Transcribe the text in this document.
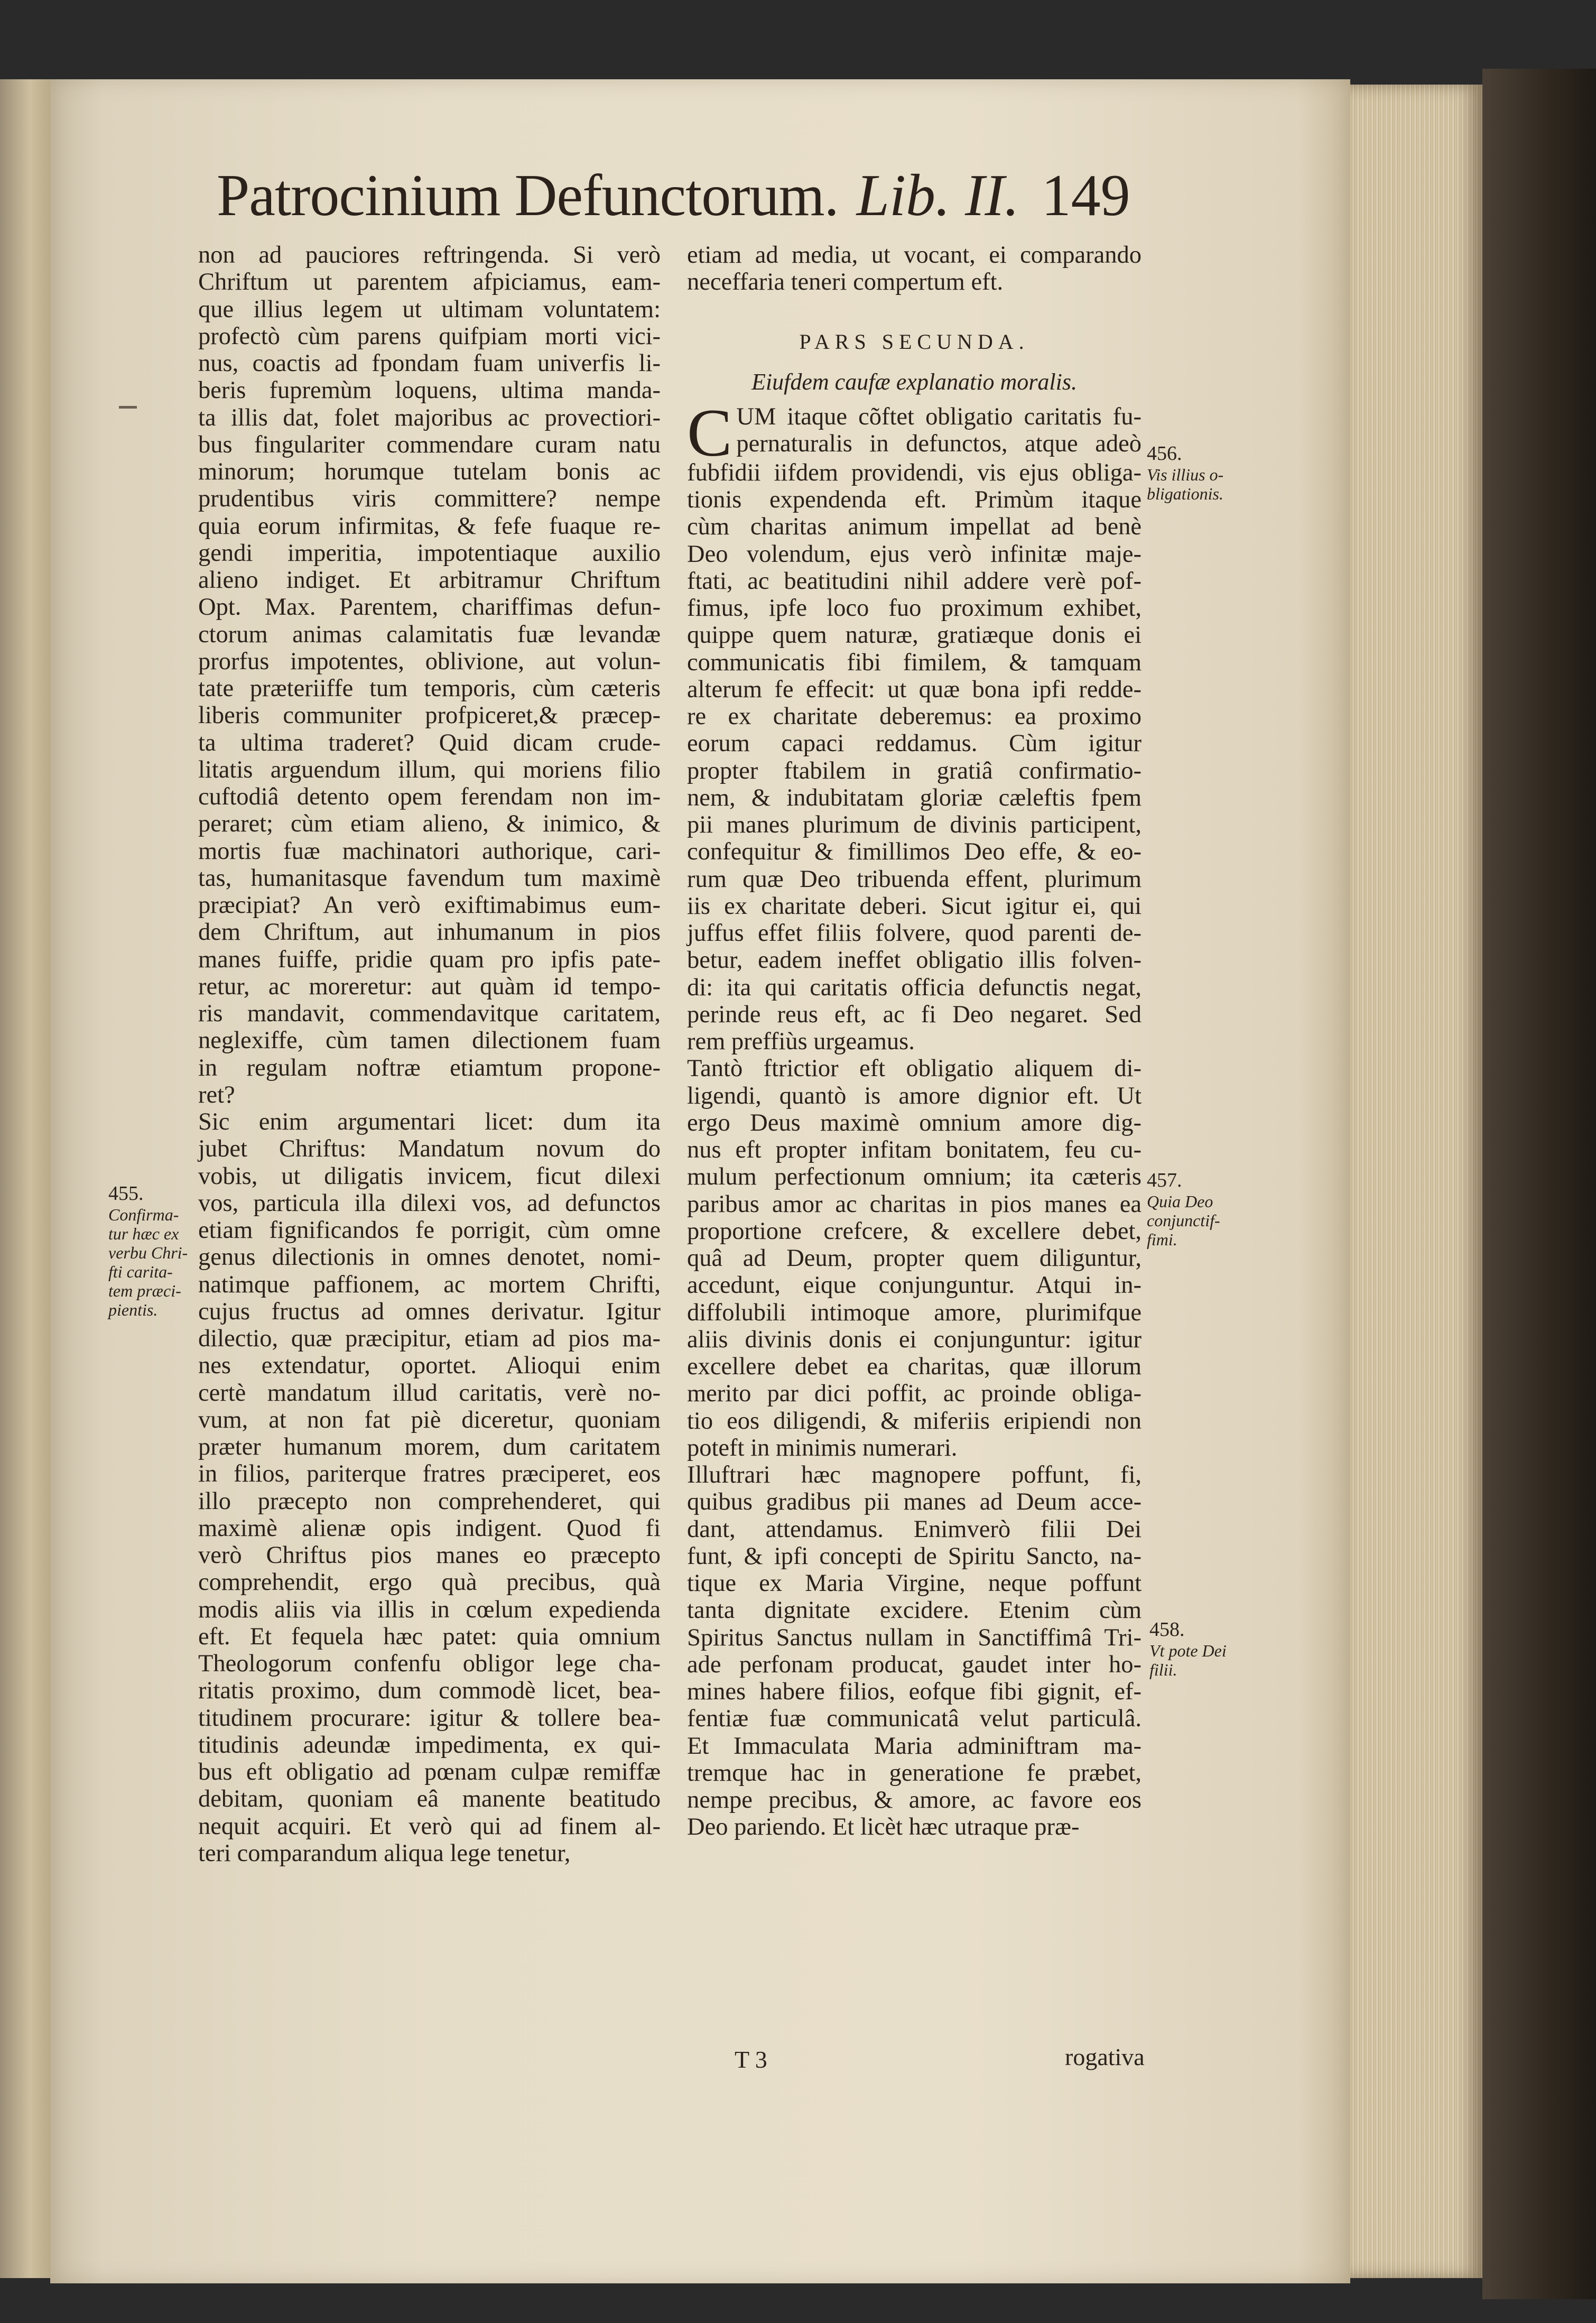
Patrocinium Defunctorum. Lib. II. 149
non ad pauciores reftringenda. Si verò
Chriftum ut parentem afpiciamus, eam-
que illius legem ut ultimam voluntatem:
profectò cùm parens quifpiam morti vici-
nus, coactis ad fpondam fuam univerfis li-
beris fupremùm loquens, ultima manda-
ta illis dat, folet majoribus ac provectiori-
bus fingulariter commendare curam natu
minorum; horumque tutelam bonis ac
prudentibus viris committere? nempe
quia eorum infirmitas, & fefe fuaque re-
gendi imperitia, impotentiaque auxilio
alieno indiget. Et arbitramur Chriftum
Opt. Max. Parentem, chariffimas defun-
ctorum animas calamitatis fuæ levandæ
prorfus impotentes, oblivione, aut volun-
tate præteriiffe tum temporis, cùm cæteris
liberis communiter profpiceret,& præcep-
ta ultima traderet? Quid dicam crude-
litatis arguendum illum, qui moriens filio
cuftodiâ detento opem ferendam non im-
peraret; cùm etiam alieno, & inimico, &
mortis fuæ machinatori authorique, cari-
tas, humanitasque favendum tum maximè
præcipiat? An verò exiftimabimus eum-
dem Chriftum, aut inhumanum in pios
manes fuiffe, pridie quam pro ipfis pate-
retur, ac moreretur: aut quàm id tempo-
ris mandavit, commendavitque caritatem,
neglexiffe, cùm tamen dilectionem fuam
in regulam noftræ etiamtum propone-
ret?
Sic enim argumentari licet: dum ita
jubet Chriftus: Mandatum novum do
vobis, ut diligatis invicem, ficut dilexi
vos, particula illa dilexi vos, ad defunctos
etiam fignificandos fe porrigit, cùm omne
genus dilectionis in omnes denotet, nomi-
natimque paffionem, ac mortem Chrifti,
cujus fructus ad omnes derivatur. Igitur
dilectio, quæ præcipitur, etiam ad pios ma-
nes extendatur, oportet. Alioqui enim
certè mandatum illud caritatis, verè no-
vum, at non fat piè diceretur, quoniam
præter humanum morem, dum caritatem
in filios, pariterque fratres præciperet, eos
illo præcepto non comprehenderet, qui
maximè alienæ opis indigent. Quod fi
verò Chriftus pios manes eo præcepto
comprehendit, ergo quà precibus, quà
modis aliis via illis in cœlum expedienda
eft. Et fequela hæc patet: quia omnium
Theologorum confenfu obligor lege cha-
ritatis proximo, dum commodè licet, bea-
titudinem procurare: igitur & tollere bea-
titudinis adeundæ impedimenta, ex qui-
bus eft obligatio ad pœnam culpæ remiffæ
debitam, quoniam eâ manente beatitudo
nequit acquiri. Et verò qui ad finem al-
teri comparandum aliqua lege tenetur,
etiam ad media, ut vocant, ei comparando
neceffaria teneri compertum eft.
PARS SECUNDA.
Eiufdem caufæ explanatio moralis.
C UM itaque cõftet obligatio caritatis fu-
pernaturalis in defunctos, atque adeò
fubfidii iifdem providendi, vis ejus obliga-
tionis expendenda eft. Primùm itaque
cùm charitas animum impellat ad benè
Deo volendum, ejus verò infinitæ maje-
ftati, ac beatitudini nihil addere verè pof-
fimus, ipfe loco fuo proximum exhibet,
quippe quem naturæ, gratiæque donis ei
communicatis fibi fimilem, & tamquam
alterum fe effecit: ut quæ bona ipfi redde-
re ex charitate deberemus: ea proximo
eorum capaci reddamus. Cùm igitur
propter ftabilem in gratiâ confirmatio-
nem, & indubitatam gloriæ cæleftis fpem
pii manes plurimum de divinis participent,
confequitur & fimillimos Deo effe, & eo-
rum quæ Deo tribuenda effent, plurimum
iis ex charitate deberi. Sicut igitur ei, qui
juffus effet filiis folvere, quod parenti de-
betur, eadem ineffet obligatio illis folven-
di: ita qui caritatis officia defunctis negat,
perinde reus eft, ac fi Deo negaret. Sed
rem preffiùs urgeamus.
Tantò ftrictior eft obligatio aliquem di-
ligendi, quantò is amore dignior eft. Ut
ergo Deus maximè omnium amore dig-
nus eft propter infitam bonitatem, feu cu-
mulum perfectionum omnium; ita cæteris
paribus amor ac charitas in pios manes ea
proportione crefcere, & excellere debet,
quâ ad Deum, propter quem diliguntur,
accedunt, eique conjunguntur. Atqui in-
diffolubili intimoque amore, plurimifque
aliis divinis donis ei conjunguntur: igitur
excellere debet ea charitas, quæ illorum
merito par dici poffit, ac proinde obliga-
tio eos diligendi, & miferiis eripiendi non
poteft in minimis numerari.
Illuftrari hæc magnopere poffunt, fi,
quibus gradibus pii manes ad Deum acce-
dant, attendamus. Enimverò filii Dei
funt, & ipfi concepti de Spiritu Sancto, na-
tique ex Maria Virgine, neque poffunt
tanta dignitate excidere. Etenim cùm
Spiritus Sanctus nullam in Sanctiffimâ Tri-
ade perfonam producat, gaudet inter ho-
mines habere filios, eofque fibi gignit, ef-
fentiæ fuæ communicatâ velut particulâ.
Et Immaculata Maria adminiftram ma-
tremque hac in generatione fe præbet,
nempe precibus, & amore, ac favore eos
Deo pariendo. Et licèt hæc utraque præ-
455.
Confirma-
tur hæc ex
verbu Chri-
fti carita-
tem præci-
pientis.
456.
Vis illius o-
bligationis.
457.
Quia Deo
conjunctif-
fimi.
458.
Vt pote Dei
filii.
T 3	rogativa
